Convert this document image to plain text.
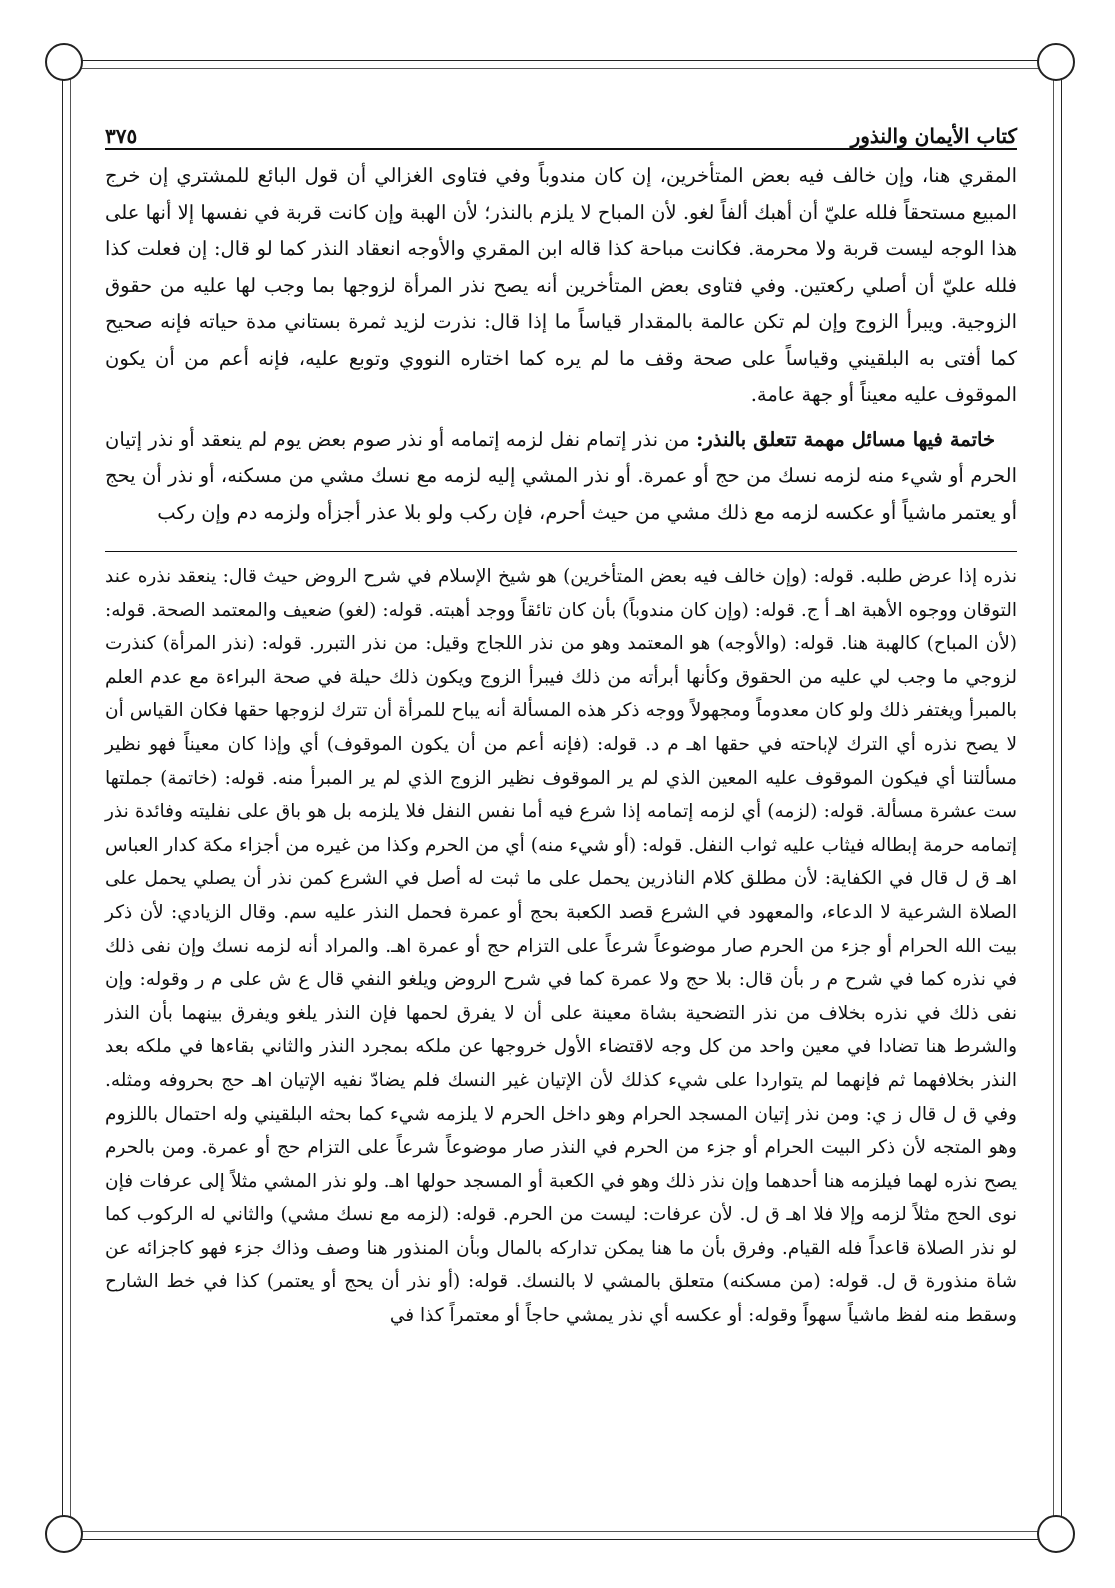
كتاب الأيمان والنذور
٣٧٥

المقري هنا، وإن خالف فيه بعض المتأخرين، إن كان مندوباً وفي فتاوى الغزالي أن قول البائع للمشتري إن خرج المبيع مستحقاً فلله عليّ أن أهبك ألفاً لغو. لأن المباح لا يلزم بالنذر؛ لأن الهبة وإن كانت قربة في نفسها إلا أنها على هذا الوجه ليست قربة ولا محرمة. فكانت مباحة كذا قاله ابن المقري والأوجه انعقاد النذر كما لو قال: إن فعلت كذا فلله عليّ أن أصلي ركعتين. وفي فتاوى بعض المتأخرين أنه يصح نذر المرأة لزوجها بما وجب لها عليه من حقوق الزوجية. ويبرأ الزوج وإن لم تكن عالمة بالمقدار قياساً ما إذا قال: نذرت لزيد ثمرة بستاني مدة حياته فإنه صحيح كما أفتى به البلقيني وقياساً على صحة وقف ما لم يره كما اختاره النووي وتوبع عليه، فإنه أعم من أن يكون الموقوف عليه معيناً أو جهة عامة.

خاتمة فيها مسائل مهمة تتعلق بالنذر: من نذر إتمام نفل لزمه إتمامه أو نذر صوم بعض يوم لم ينعقد أو نذر إتيان الحرم أو شيء منه لزمه نسك من حج أو عمرة. أو نذر المشي إليه لزمه مع نسك مشي من مسكنه، أو نذر أن يحج أو يعتمر ماشياً أو عكسه لزمه مع ذلك مشي من حيث أحرم، فإن ركب ولو بلا عذر أجزأه ولزمه دم وإن ركب

نذره إذا عرض طلبه. قوله: (وإن خالف فيه بعض المتأخرين) هو شيخ الإسلام في شرح الروض حيث قال: ينعقد نذره عند التوقان ووجوه الأهبة اهـ أ ج. قوله: (وإن كان مندوباً) بأن كان تائقاً ووجد أهبته. قوله: (لغو) ضعيف والمعتمد الصحة. قوله: (لأن المباح) كالهبة هنا. قوله: (والأوجه) هو المعتمد وهو من نذر اللجاج وقيل: من نذر التبرر. قوله: (نذر المرأة) كنذرت لزوجي ما وجب لي عليه من الحقوق وكأنها أبرأته من ذلك فيبرأ الزوج ويكون ذلك حيلة في صحة البراءة مع عدم العلم بالمبرأ ويغتفر ذلك ولو كان معدوماً ومجهولاً ووجه ذكر هذه المسألة أنه يباح للمرأة أن تترك لزوجها حقها فكان القياس أن لا يصح نذره أي الترك لإباحته في حقها اهـ م د. قوله: (فإنه أعم من أن يكون الموقوف) أي وإذا كان معيناً فهو نظير مسألتنا أي فيكون الموقوف عليه المعين الذي لم ير الموقوف نظير الزوج الذي لم ير المبرأ منه. قوله: (خاتمة) جملتها ست عشرة مسألة. قوله: (لزمه) أي لزمه إتمامه إذا شرع فيه أما نفس النفل فلا يلزمه بل هو باق على نفليته وفائدة نذر إتمامه حرمة إبطاله فيثاب عليه ثواب النفل. قوله: (أو شيء منه) أي من الحرم وكذا من غيره من أجزاء مكة كدار العباس اهـ ق ل قال في الكفاية: لأن مطلق كلام الناذرين يحمل على ما ثبت له أصل في الشرع كمن نذر أن يصلي يحمل على الصلاة الشرعية لا الدعاء، والمعهود في الشرع قصد الكعبة بحج أو عمرة فحمل النذر عليه سم. وقال الزيادي: لأن ذكر بيت الله الحرام أو جزء من الحرم صار موضوعاً شرعاً على التزام حج أو عمرة اهـ. والمراد أنه لزمه نسك وإن نفى ذلك في نذره كما في شرح م ر بأن قال: بلا حج ولا عمرة كما في شرح الروض ويلغو النفي قال ع ش على م ر وقوله: وإن نفى ذلك في نذره بخلاف من نذر التضحية بشاة معينة على أن لا يفرق لحمها فإن النذر يلغو ويفرق بينهما بأن النذر والشرط هنا تضادا في معين واحد من كل وجه لاقتضاء الأول خروجها عن ملكه بمجرد النذر والثاني بقاءها في ملكه بعد النذر بخلافهما ثم فإنهما لم يتواردا على شيء كذلك لأن الإتيان غير النسك فلم يضادّ نفيه الإتيان اهـ حج بحروفه ومثله. وفي ق ل قال ز ي: ومن نذر إتيان المسجد الحرام وهو داخل الحرم لا يلزمه شيء كما بحثه البلقيني وله احتمال باللزوم وهو المتجه لأن ذكر البيت الحرام أو جزء من الحرم في النذر صار موضوعاً شرعاً على التزام حج أو عمرة. ومن بالحرم يصح نذره لهما فيلزمه هنا أحدهما وإن نذر ذلك وهو في الكعبة أو المسجد حولها اهـ. ولو نذر المشي مثلاً إلى عرفات فإن نوى الحج مثلاً لزمه وإلا فلا اهـ ق ل. لأن عرفات: ليست من الحرم. قوله: (لزمه مع نسك مشي) والثاني له الركوب كما لو نذر الصلاة قاعداً فله القيام. وفرق بأن ما هنا يمكن تداركه بالمال وبأن المنذور هنا وصف وذاك جزء فهو كاجزائه عن شاة منذورة ق ل. قوله: (من مسكنه) متعلق بالمشي لا بالنسك. قوله: (أو نذر أن يحج أو يعتمر) كذا في خط الشارح وسقط منه لفظ ماشياً سهواً وقوله: أو عكسه أي نذر يمشي حاجاً أو معتمراً كذا في
